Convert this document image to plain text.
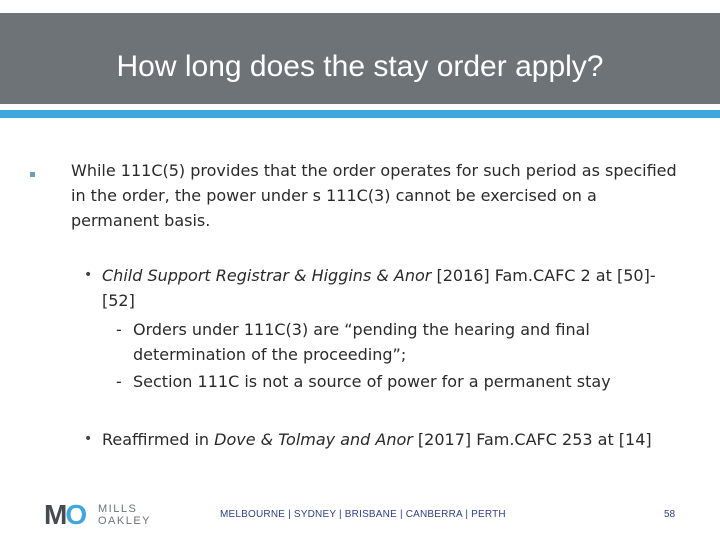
How long does the stay order apply?
While 111C(5) provides that the order operates for such period as specified in the order, the power under s 111C(3) cannot be exercised on a permanent basis.
• Child Support Registrar & Higgins & Anor [2016] Fam.CAFC 2 at [50]-
[52]
- Orders under 111C(3) are “pending the hearing and final
determination of the proceeding”;
- Section 111C is not a source of power for a permanent stay
• Reaffirmed in Dove & Tolmay and Anor [2017] Fam.CAFC 253 at [14]
MO MILLS
OAKLEY
MELBOURNE | SYDNEY | BRISBANE | CANBERRA | PERTH	58
